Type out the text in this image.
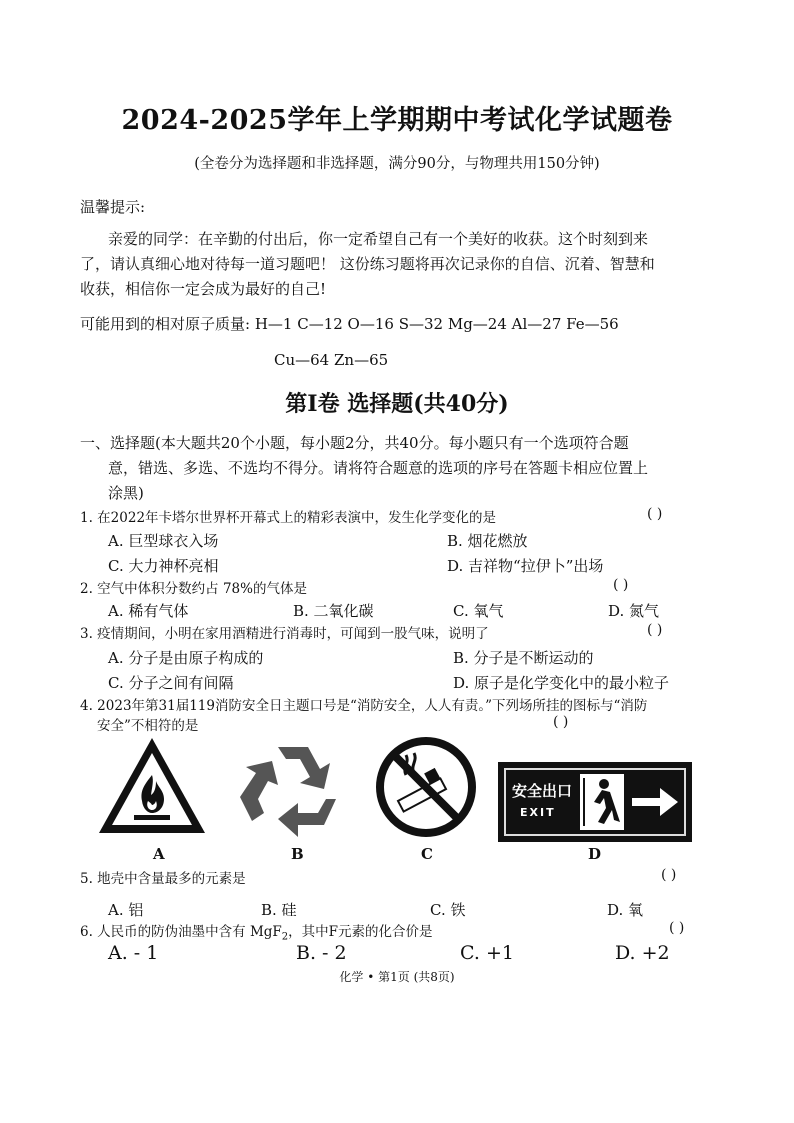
2024-2025学年上学期期中考试化学试题卷
(全卷分为选择题和非选择题，满分90分，与物理共用150分钟)
温馨提示:
亲爱的同学：在辛勤的付出后，你一定希望自己有一个美好的收获。这个时刻到来
了，请认真细心地对待每一道习题吧！ 这份练习题将再次记录你的自信、沉着、智慧和
收获，相信你一定会成为最好的自己!
可能用到的相对原子质量: H—1 C—12 O—16 S—32 Mg—24 Al—27 Fe—56
Cu—64 Zn—65
第Ⅰ卷 选择题(共40分)
一、选择题(本大题共20个小题，每小题2分，共40分。每小题只有一个选项符合题
意，错选、多选、不选均不得分。请将符合题意的选项的序号在答题卡相应位置上
涂黑)
1. 在2022年卡塔尔世界杯开幕式上的精彩表演中，发生化学变化的是	( )
A. 巨型球衣入场	B. 烟花燃放
C. 大力神杯亮相	D. 吉祥物“拉伊卜”出场
2. 空气中体积分数约占 78%的气体是	( )
A. 稀有气体	B. 二氧化碳	C. 氧气	D. 氮气
3. 疫情期间，小明在家用酒精进行消毒时，可闻到一股气味，说明了	( )
A. 分子是由原子构成的	B. 分子是不断运动的
C. 分子之间有间隔	D. 原子是化学变化中的最小粒子
4. 2023年第31届119消防安全日主题口号是“消防安全，人人有责。”下列场所挂的图标与“消防
安全”不相符的是	( )
安全出口
EXIT
A	B	C	D
5. 地壳中含量最多的元素是	( )
A. 铝	B. 硅	C. 铁	D. 氧
6. 人民币的防伪油墨中含有 MgF$_2$，其中F元素的化合价是	( )
A. - 1	B. - 2	C. +1	D. +2
化学 • 第1页 (共8页)
